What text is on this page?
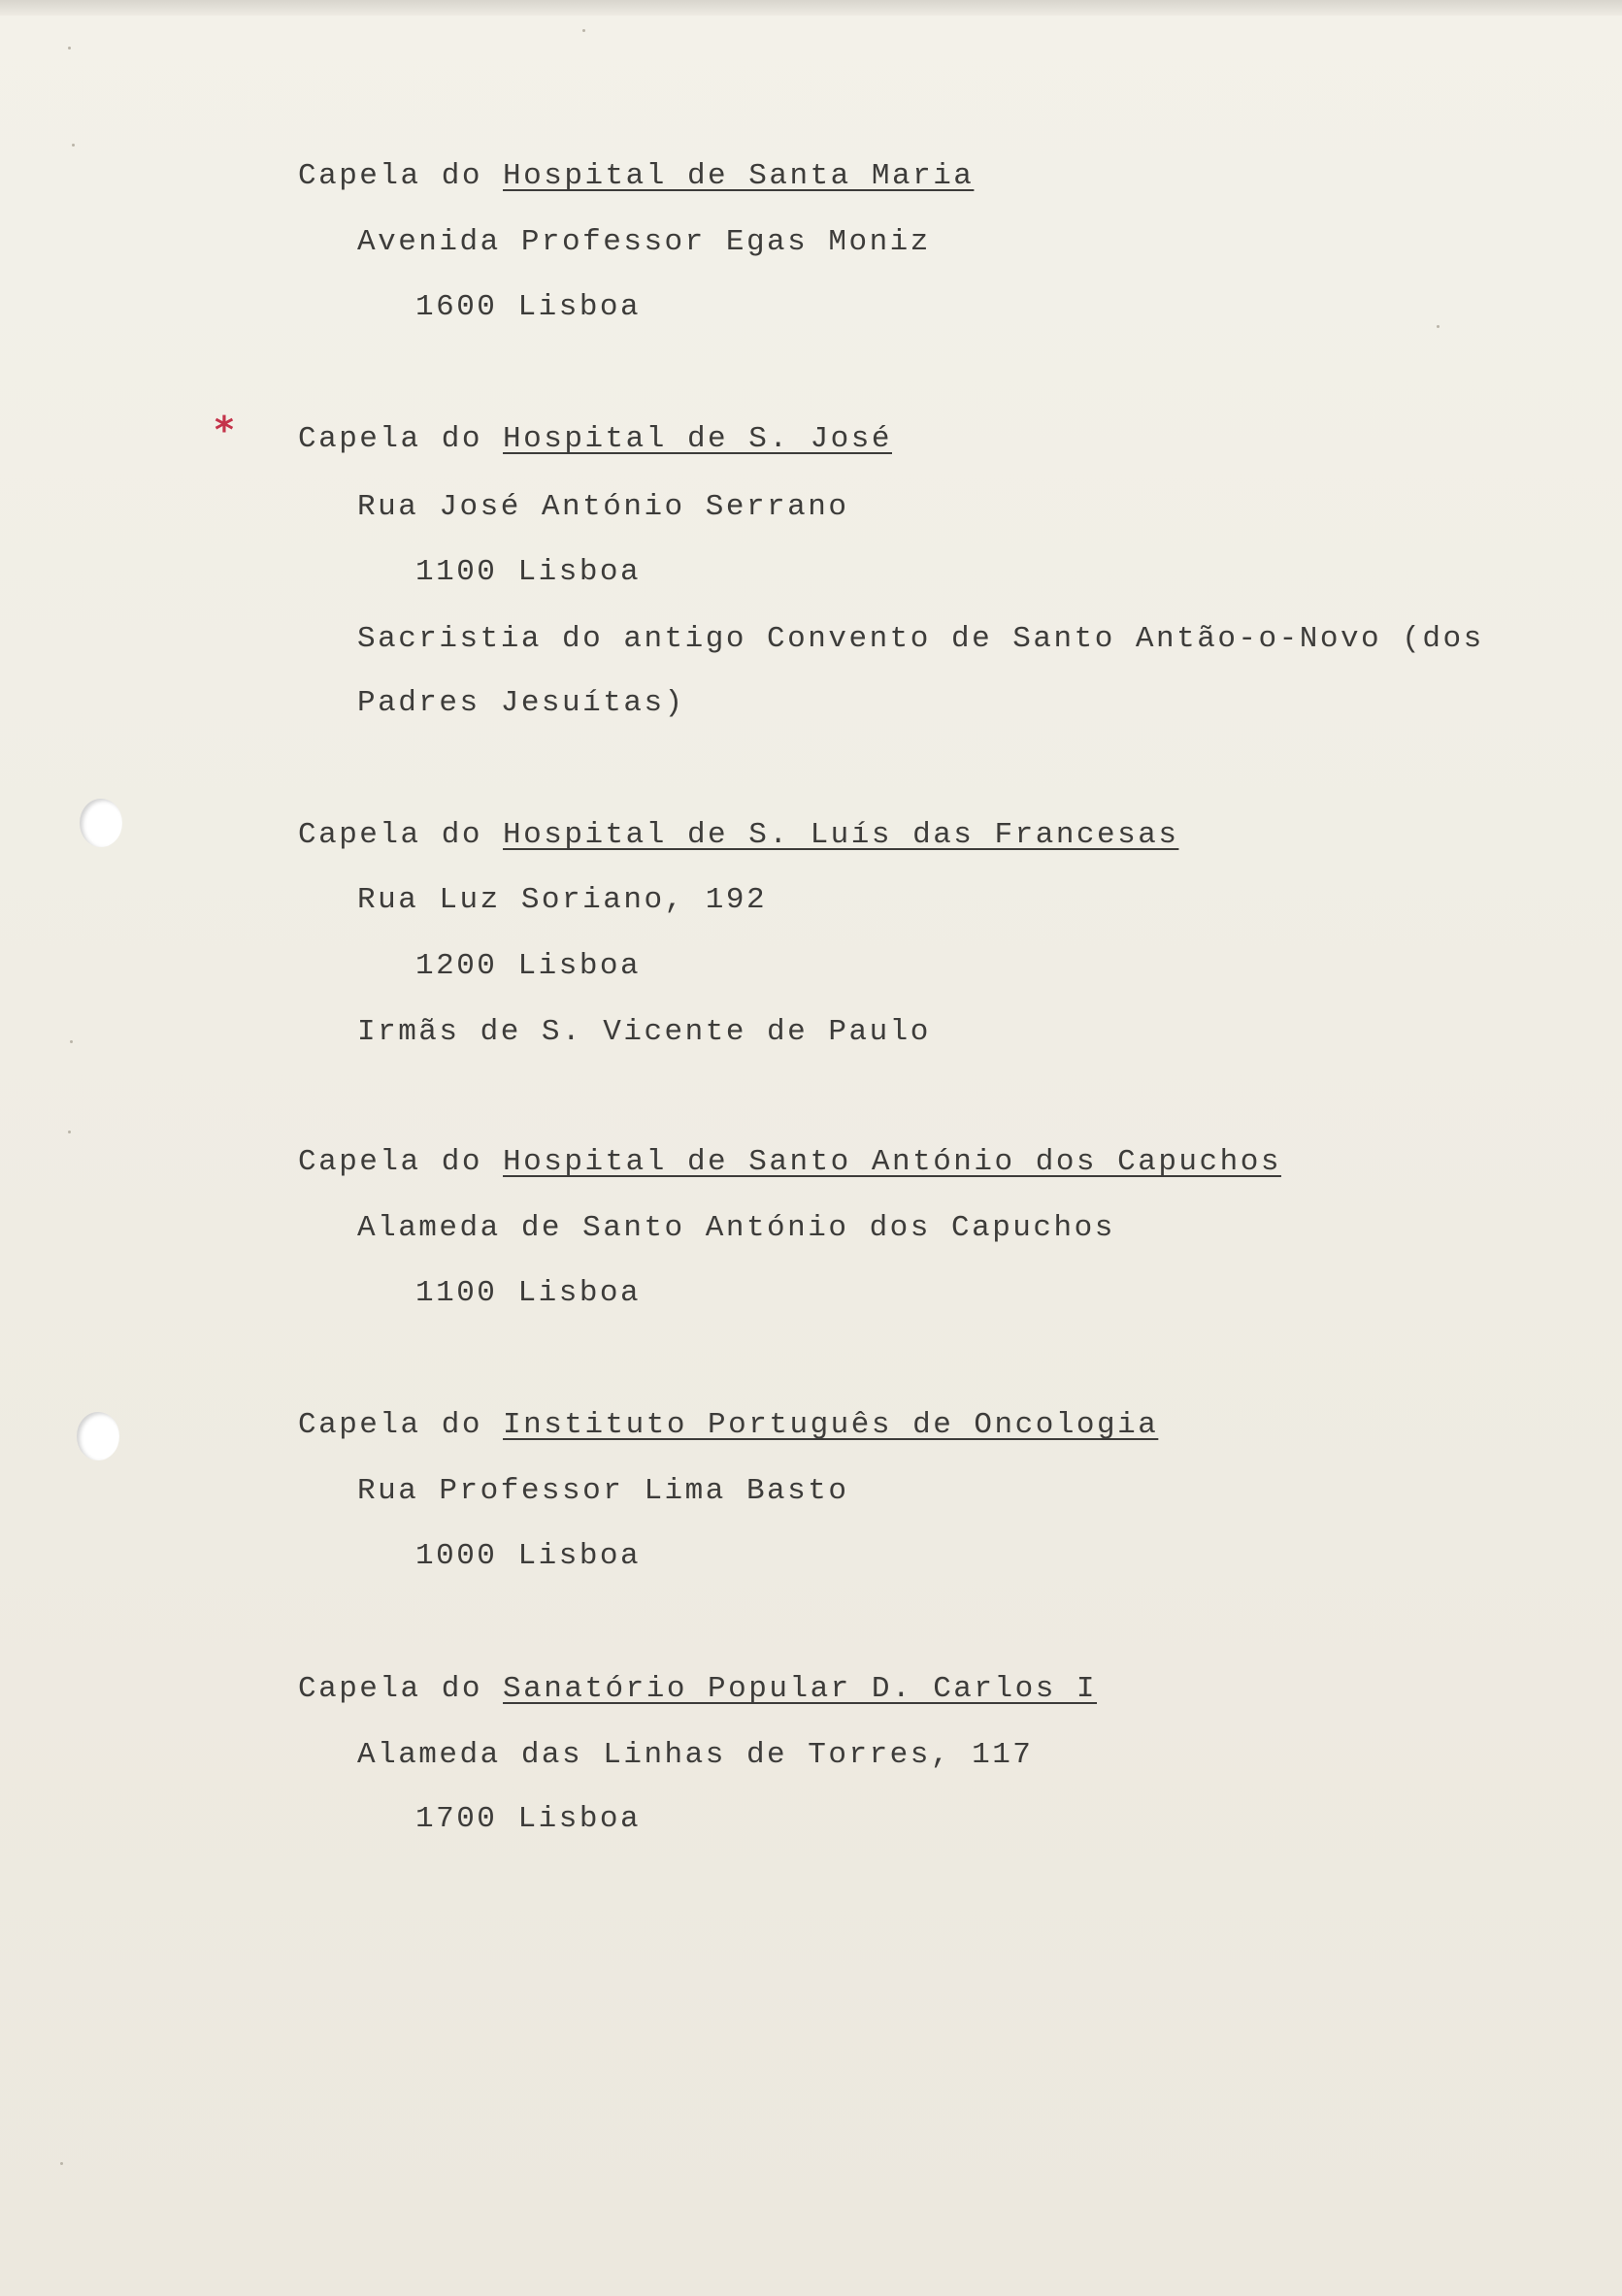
*
Capela do Hospital de Santa Maria
Avenida Professor Egas Moniz
1600 Lisboa
Capela do Hospital de S. José
Rua José António Serrano
1100 Lisboa
Sacristia do antigo Convento de Santo Antão-o-Novo (dos
Padres Jesuítas)
Capela do Hospital de S. Luís das Francesas
Rua Luz Soriano, 192
1200 Lisboa
Irmãs de S. Vicente de Paulo
Capela do Hospital de Santo António dos Capuchos
Alameda de Santo António dos Capuchos
1100 Lisboa
Capela do Instituto Português de Oncologia
Rua Professor Lima Basto
1000 Lisboa
Capela do Sanatório Popular D. Carlos I
Alameda das Linhas de Torres, 117
1700 Lisboa
